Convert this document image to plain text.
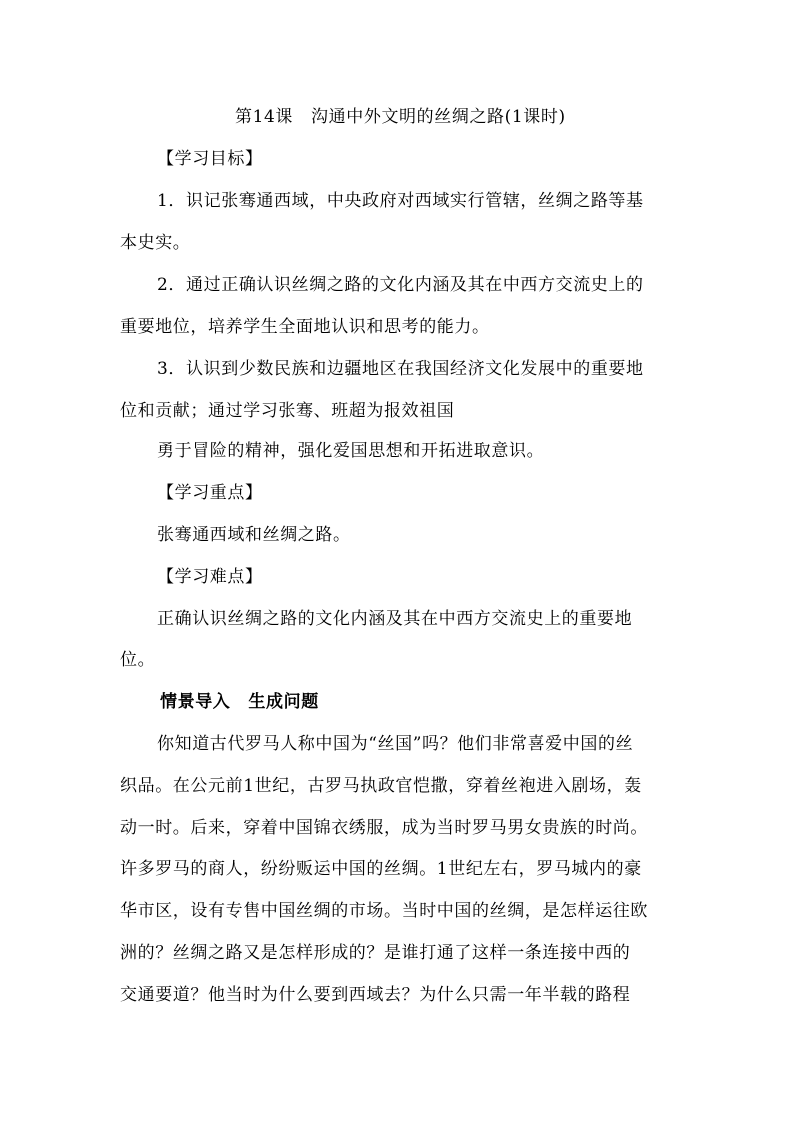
第14课 沟通中外文明的丝绸之路(1课时)
【学习目标】
1．识记张骞通西域，中央政府对西域实行管辖，丝绸之路等基
本史实。
2．通过正确认识丝绸之路的文化内涵及其在中西方交流史上的
重要地位，培养学生全面地认识和思考的能力。
3．认识到少数民族和边疆地区在我国经济文化发展中的重要地
位和贡献；通过学习张骞、班超为报效祖国
勇于冒险的精神，强化爱国思想和开拓进取意识。
【学习重点】
张骞通西域和丝绸之路。
【学习难点】
正确认识丝绸之路的文化内涵及其在中西方交流史上的重要地
位。
情景导入 生成问题
你知道古代罗马人称中国为“丝国”吗？他们非常喜爱中国的丝
织品。在公元前1世纪，古罗马执政官恺撒，穿着丝袍进入剧场，轰
动一时。后来，穿着中国锦衣绣服，成为当时罗马男女贵族的时尚。
许多罗马的商人，纷纷贩运中国的丝绸。1世纪左右，罗马城内的豪
华市区，设有专售中国丝绸的市场。当时中国的丝绸，是怎样运往欧
洲的？丝绸之路又是怎样形成的？是谁打通了这样一条连接中西的
交通要道？他当时为什么要到西域去？为什么只需一年半载的路程
